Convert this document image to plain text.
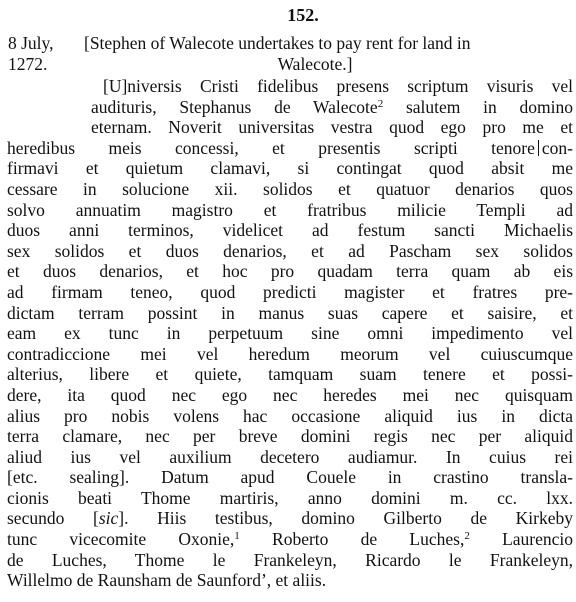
152.
8 July,
1272.
[Stephen of Walecote undertakes to pay rent for land in
Walecote.]
[U]niversis Cristi fidelibus presens scriptum visuris vel
audituris, Stephanus de Walecote$^2$ salutem in domino
eternam. Noverit universitas vestra quod ego pro me et
heredibus meis concessi, et presentis scripti tenore con-
firmavi et quietum clamavi, si contingat quod absit me
cessare in solucione xii. solidos et quatuor denarios quos
solvo annuatim magistro et fratribus milicie Templi ad
duos anni terminos, videlicet ad festum sancti Michaelis
sex solidos et duos denarios, et ad Pascham sex solidos
et duos denarios, et hoc pro quadam terra quam ab eis
ad firmam teneo, quod predicti magister et fratres pre-
dictam terram possint in manus suas capere et saisire, et
eam ex tunc in perpetuum sine omni impedimento vel
contradiccione mei vel heredum meorum vel cuiuscumque
alterius, libere et quiete, tamquam suam tenere et possi-
dere, ita quod nec ego nec heredes mei nec quisquam
alius pro nobis volens hac occasione aliquid ius in dicta
terra clamare, nec per breve domini regis nec per aliquid
aliud ius vel auxilium decetero audiamur. In cuius rei
[etc. sealing]. Datum apud Couele in crastino transla-
cionis beati Thome martiris, anno domini m. cc. lxx.
secundo [sic]. Hiis testibus, domino Gilberto de Kirkeby
tunc vicecomite Oxonie,$^1$ Roberto de Luches,$^2$ Laurencio
de Luches, Thome le Frankeleyn, Ricardo le Frankeleyn,
Willelmo de Raunsham de Saunford’, et aliis.
